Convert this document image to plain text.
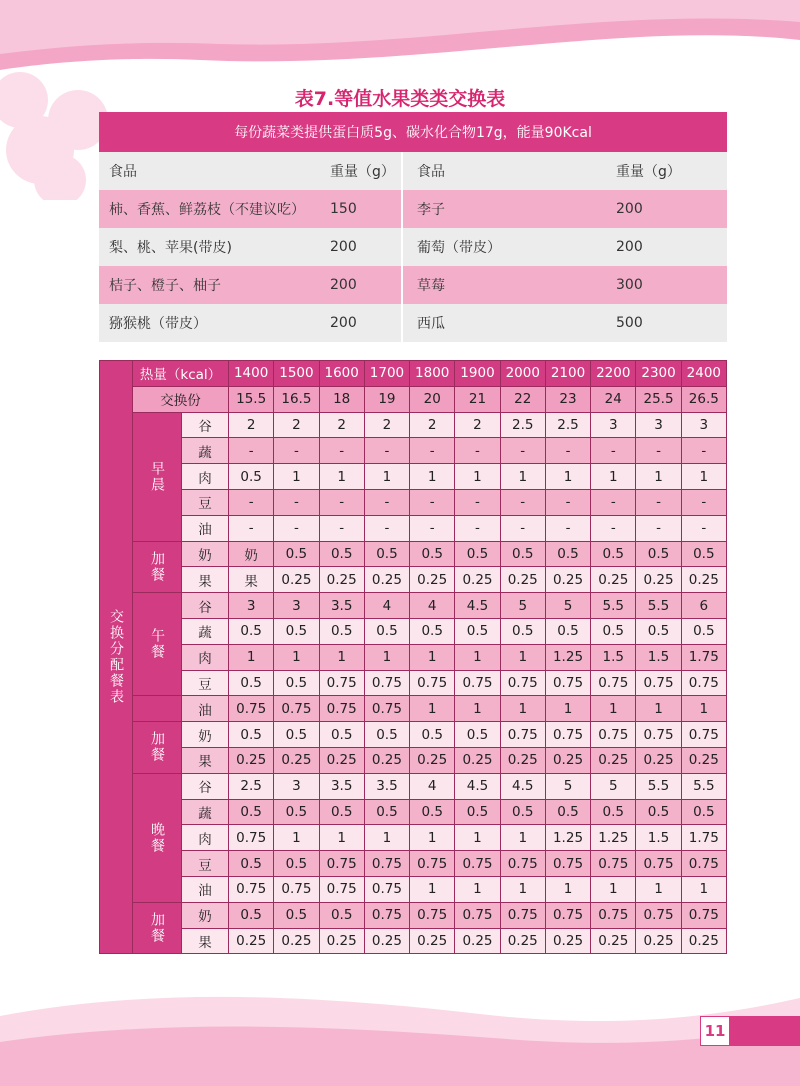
表7.等值水果类类交换表
每份蔬菜类提供蛋白质5g、碳水化合物17g，能量90Kcal			
食品	重量（g）	食品	重量（g）
柿、香蕉、鲜荔枝（不建议吃）	150	李子	200
梨、桃、苹果(带皮)	200	葡萄（带皮）	200
桔子、橙子、柚子	200	草莓	300
猕猴桃（带皮）	200	西瓜	500
交换分配餐表	热量（kcal）		1400	1500	1600	1700	1800	1900	2000	2100	2200	2300	2400
	交换份		15.5	16.5	18	19	20	21	22	23	24	25.5	26.5
	早晨	谷	2	2	2	2	2	2	2.5	2.5	3	3	3
		蔬	-	-	-	-	-	-	-	-	-	-	-
		肉	0.5	1	1	1	1	1	1	1	1	1	1
		豆	-	-	-	-	-	-	-	-	-	-	-
		油	-	-	-	-	-	-	-	-	-	-	-
	加餐	奶	奶	0.5	0.5	0.5	0.5	0.5	0.5	0.5	0.5	0.5	0.5
		果	果	0.25	0.25	0.25	0.25	0.25	0.25	0.25	0.25	0.25	0.25
	午餐	谷	3	3	3.5	4	4	4.5	5	5	5.5	5.5	6
		蔬	0.5	0.5	0.5	0.5	0.5	0.5	0.5	0.5	0.5	0.5	0.5
		肉	1	1	1	1	1	1	1	1.25	1.5	1.5	1.75
		豆	0.5	0.5	0.75	0.75	0.75	0.75	0.75	0.75	0.75	0.75	0.75
		油	0.75	0.75	0.75	0.75	1	1	1	1	1	1	1
	加餐	奶	0.5	0.5	0.5	0.5	0.5	0.5	0.75	0.75	0.75	0.75	0.75
		果	0.25	0.25	0.25	0.25	0.25	0.25	0.25	0.25	0.25	0.25	0.25
	晚餐	谷	2.5	3	3.5	3.5	4	4.5	4.5	5	5	5.5	5.5
		蔬	0.5	0.5	0.5	0.5	0.5	0.5	0.5	0.5	0.5	0.5	0.5
		肉	0.75	1	1	1	1	1	1	1.25	1.25	1.5	1.75
		豆	0.5	0.5	0.75	0.75	0.75	0.75	0.75	0.75	0.75	0.75	0.75
		油	0.75	0.75	0.75	0.75	1	1	1	1	1	1	1
	加餐	奶	0.5	0.5	0.5	0.75	0.75	0.75	0.75	0.75	0.75	0.75	0.75
		果	0.25	0.25	0.25	0.25	0.25	0.25	0.25	0.25	0.25	0.25	0.25
11
